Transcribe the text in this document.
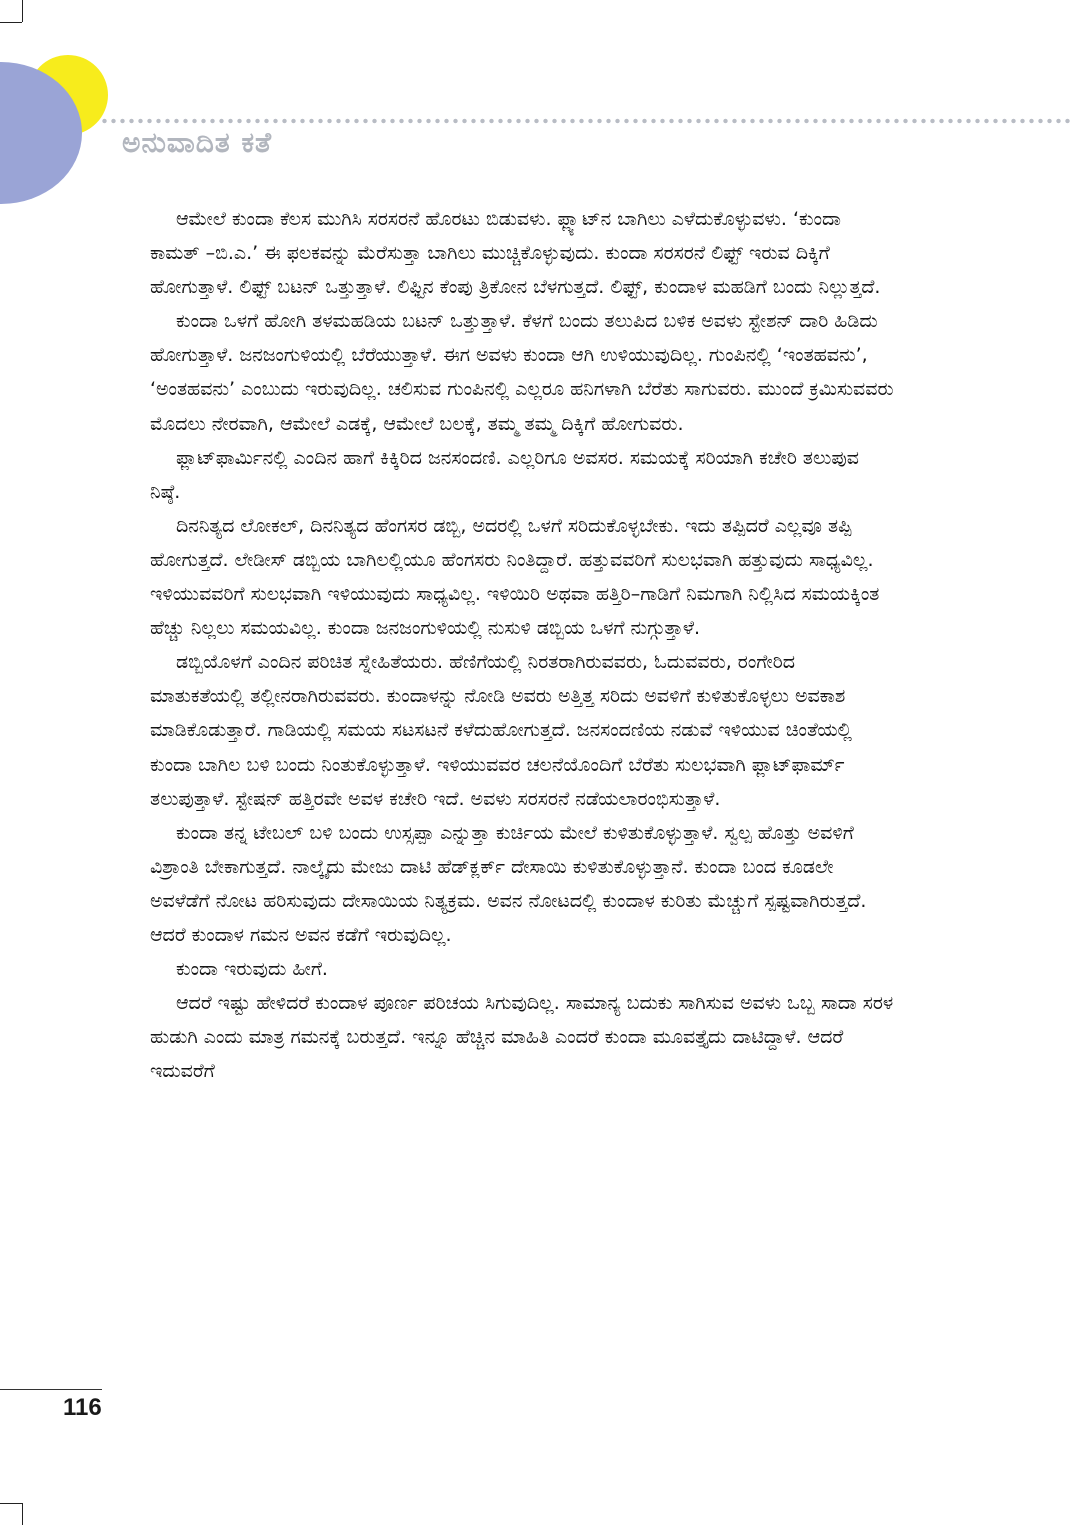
ಅನುವಾದಿತ ಕತೆ

ಆಮೇಲೆ ಕುಂದಾ ಕೆಲಸ ಮುಗಿಸಿ ಸರಸರನೆ ಹೊರಟು ಬಿಡುವಳು. ಫ್ಲ್ಯಾಟ್‌ನ ಬಾಗಿಲು ಎಳೆದುಕೊಳ್ಳುವಳು. ‘ಕುಂದಾ ಕಾಮತ್ –ಬಿ.ಎ.’ ಈ ಫಲಕವನ್ನು ಮೆರೆಸುತ್ತಾ ಬಾಗಿಲು ಮುಚ್ಚಿಕೊಳ್ಳುವುದು. ಕುಂದಾ ಸರಸರನೆ ಲಿಫ್ಟ್ ಇರುವ ದಿಕ್ಕಿಗೆ ಹೋಗುತ್ತಾಳೆ. ಲಿಫ್ಟ್ ಬಟನ್ ಒತ್ತುತ್ತಾಳೆ. ಲಿಫ್ಟಿನ ಕೆಂಪು ತ್ರಿಕೋನ ಬೆಳಗುತ್ತದೆ. ಲಿಫ್ಟ್, ಕುಂದಾಳ ಮಹಡಿಗೆ ಬಂದು ನಿಲ್ಲುತ್ತದೆ.

ಕುಂದಾ ಒಳಗೆ ಹೋಗಿ ತಳಮಹಡಿಯ ಬಟನ್ ಒತ್ತುತ್ತಾಳೆ. ಕೆಳಗೆ ಬಂದು ತಲುಪಿದ ಬಳಿಕ ಅವಳು ಸ್ಟೇಶನ್ ದಾರಿ ಹಿಡಿದು ಹೋಗುತ್ತಾಳೆ. ಜನಜಂಗುಳಿಯಲ್ಲಿ ಬೆರೆಯುತ್ತಾಳೆ. ಈಗ ಅವಳು ಕುಂದಾ ಆಗಿ ಉಳಿಯುವುದಿಲ್ಲ. ಗುಂಪಿನಲ್ಲಿ ‘ಇಂತಹವನು’, ‘ಅಂತಹವನು’ ಎಂಬುದು ಇರುವುದಿಲ್ಲ. ಚಲಿಸುವ ಗುಂಪಿನಲ್ಲಿ ಎಲ್ಲರೂ ಹನಿಗಳಾಗಿ ಬೆರೆತು ಸಾಗುವರು. ಮುಂದೆ ಕ್ರಮಿಸುವವರು ಮೊದಲು ನೇರವಾಗಿ, ಆಮೇಲೆ ಎಡಕ್ಕೆ, ಆಮೇಲೆ ಬಲಕ್ಕೆ, ತಮ್ಮ ತಮ್ಮ ದಿಕ್ಕಿಗೆ ಹೋಗುವರು.

ಫ್ಲಾಟ್‌ಫಾರ್ಮಿನಲ್ಲಿ ಎಂದಿನ ಹಾಗೆ ಕಿಕ್ಕಿರಿದ ಜನಸಂದಣಿ. ಎಲ್ಲರಿಗೂ ಅವಸರ. ಸಮಯಕ್ಕೆ ಸರಿಯಾಗಿ ಕಚೇರಿ ತಲುಪುವ ನಿಷ್ಠೆ.

ದಿನನಿತ್ಯದ ಲೋಕಲ್, ದಿನನಿತ್ಯದ ಹೆಂಗಸರ ಡಬ್ಬಿ, ಅದರಲ್ಲಿ ಒಳಗೆ ಸರಿದುಕೊಳ್ಳಬೇಕು. ಇದು ತಪ್ಪಿದರೆ ಎಲ್ಲವೂ ತಪ್ಪಿ ಹೋಗುತ್ತದೆ. ಲೇಡೀಸ್ ಡಬ್ಬಿಯ ಬಾಗಿಲಲ್ಲಿಯೂ ಹೆಂಗಸರು ನಿಂತಿದ್ದಾರೆ. ಹತ್ತುವವರಿಗೆ ಸುಲಭವಾಗಿ ಹತ್ತುವುದು ಸಾಧ್ಯವಿಲ್ಲ. ಇಳಿಯುವವರಿಗೆ ಸುಲಭವಾಗಿ ಇಳಿಯುವುದು ಸಾಧ್ಯವಿಲ್ಲ. ಇಳಿಯಿರಿ ಅಥವಾ ಹತ್ತಿರಿ–ಗಾಡಿಗೆ ನಿಮಗಾಗಿ ನಿಲ್ಲಿಸಿದ ಸಮಯಕ್ಕಿಂತ ಹೆಚ್ಚು ನಿಲ್ಲಲು ಸಮಯವಿಲ್ಲ. ಕುಂದಾ ಜನಜಂಗುಳಿಯಲ್ಲಿ ನುಸುಳಿ ಡಬ್ಬಿಯ ಒಳಗೆ ನುಗ್ಗುತ್ತಾಳೆ.

ಡಬ್ಬಿಯೊಳಗೆ ಎಂದಿನ ಪರಿಚಿತ ಸ್ನೇಹಿತೆಯರು. ಹೆಣಿಗೆಯಲ್ಲಿ ನಿರತರಾಗಿರುವವರು, ಓದುವವರು, ರಂಗೇರಿದ ಮಾತುಕತೆಯಲ್ಲಿ ತಲ್ಲೀನರಾಗಿರುವವರು. ಕುಂದಾಳನ್ನು ನೋಡಿ ಅವರು ಅತ್ತಿತ್ತ ಸರಿದು ಅವಳಿಗೆ ಕುಳಿತುಕೊಳ್ಳಲು ಅವಕಾಶ ಮಾಡಿಕೊಡುತ್ತಾರೆ. ಗಾಡಿಯಲ್ಲಿ ಸಮಯ ಸಟಸಟನೆ ಕಳೆದುಹೋಗುತ್ತದೆ. ಜನಸಂದಣಿಯ ನಡುವೆ ಇಳಿಯುವ ಚಿಂತೆಯಲ್ಲಿ ಕುಂದಾ ಬಾಗಿಲ ಬಳಿ ಬಂದು ನಿಂತುಕೊಳ್ಳುತ್ತಾಳೆ. ಇಳಿಯುವವರ ಚಲನೆಯೊಂದಿಗೆ ಬೆರೆತು ಸುಲಭವಾಗಿ ಫ್ಲಾಟ್‌ಫಾರ್ಮ್ ತಲುಪುತ್ತಾಳೆ. ಸ್ಟೇಷನ್ ಹತ್ತಿರವೇ ಅವಳ ಕಚೇರಿ ಇದೆ. ಅವಳು ಸರಸರನೆ ನಡೆಯಲಾರಂಭಿಸುತ್ತಾಳೆ.

ಕುಂದಾ ತನ್ನ ಟೇಬಲ್ ಬಳಿ ಬಂದು ಉಸ್ಸಪ್ಪಾ ಎನ್ನುತ್ತಾ ಕುರ್ಚಿಯ ಮೇಲೆ ಕುಳಿತುಕೊಳ್ಳುತ್ತಾಳೆ. ಸ್ವಲ್ಪ ಹೊತ್ತು ಅವಳಿಗೆ ವಿಶ್ರಾಂತಿ ಬೇಕಾಗುತ್ತದೆ. ನಾಲ್ಕೈದು ಮೇಜು ದಾಟಿ ಹೆಡ್‌ಕ್ಲರ್ಕ್ ದೇಸಾಯಿ ಕುಳಿತುಕೊಳ್ಳುತ್ತಾನೆ. ಕುಂದಾ ಬಂದ ಕೂಡಲೇ ಅವಳೆಡೆಗೆ ನೋಟ ಹರಿಸುವುದು ದೇಸಾಯಿಯ ನಿತ್ಯಕ್ರಮ. ಅವನ ನೋಟದಲ್ಲಿ ಕುಂದಾಳ ಕುರಿತು ಮೆಚ್ಚುಗೆ ಸ್ಪಷ್ಟವಾಗಿರುತ್ತದೆ. ಆದರೆ ಕುಂದಾಳ ಗಮನ ಅವನ ಕಡೆಗೆ ಇರುವುದಿಲ್ಲ.

ಕುಂದಾ ಇರುವುದು ಹೀಗೆ.

ಆದರೆ ಇಷ್ಟು ಹೇಳಿದರೆ ಕುಂದಾಳ ಪೂರ್ಣ ಪರಿಚಯ ಸಿಗುವುದಿಲ್ಲ. ಸಾಮಾನ್ಯ ಬದುಕು ಸಾಗಿಸುವ ಅವಳು ಒಬ್ಬ ಸಾದಾ ಸರಳ ಹುಡುಗಿ ಎಂದು ಮಾತ್ರ ಗಮನಕ್ಕೆ ಬರುತ್ತದೆ. ಇನ್ನೂ ಹೆಚ್ಚಿನ ಮಾಹಿತಿ ಎಂದರೆ ಕುಂದಾ ಮೂವತ್ತೈದು ದಾಟಿದ್ದಾಳೆ. ಆದರೆ ಇದುವರೆಗೆ

116
